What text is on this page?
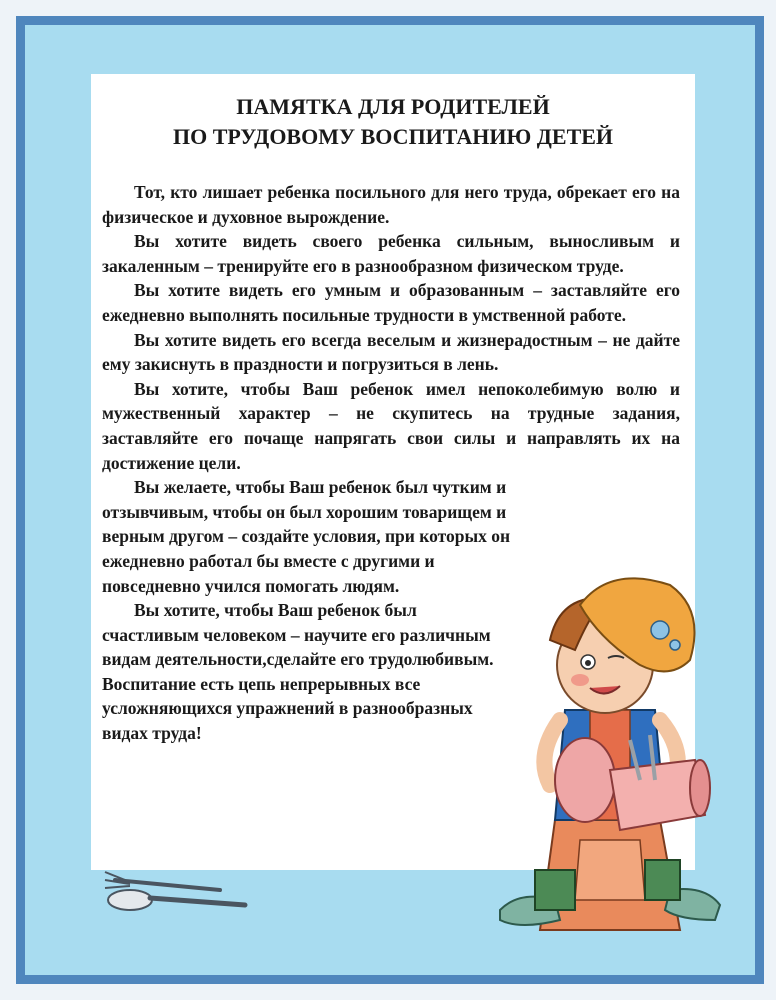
ПАМЯТКА ДЛЯ РОДИТЕЛЕЙ
ПО ТРУДОВОМУ ВОСПИТАНИЮ ДЕТЕЙ

Тот, кто лишает ребенка посильного для него труда, обрекает его на физическое и духовное вырождение.

Вы хотите видеть своего ребенка сильным, выносливым и закаленным – тренируйте его в разнообразном физическом труде.

Вы хотите видеть его умным и образованным – заставляйте его ежедневно выполнять посильные трудности в умственной работе.

Вы хотите видеть его всегда веселым и жизнерадостным – не дайте ему закиснуть в праздности и погрузиться в лень.

Вы хотите, чтобы Ваш ребенок имел непоколебимую волю и мужественный характер – не скупитесь на трудные задания, заставляйте его почаще напрягать свои силы и направлять их на достижение цели.

Вы желаете, чтобы Ваш ребенок был чутким и отзывчивым, чтобы он был хорошим товарищем и верным другом – создайте условия, при которых он ежедневно работал бы вместе с другими и повседневно учился помогать людям.

Вы хотите, чтобы Ваш ребенок был счастливым человеком – научите его различным видам деятельности,сделайте его трудолюбивым. Воспитание есть цепь непрерывных все усложняющихся упражнений в разнообразных видах труда!
